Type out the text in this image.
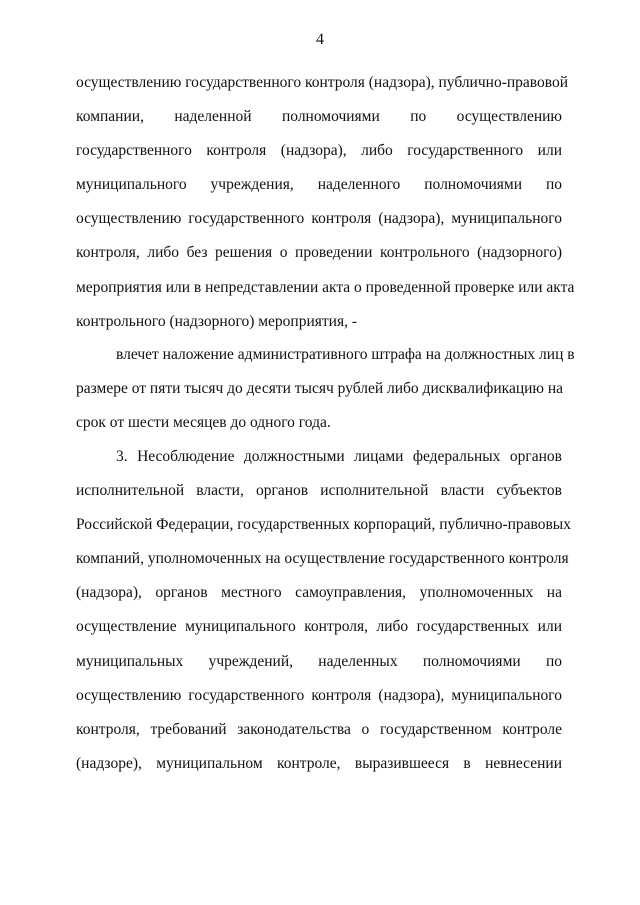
4
осуществлению государственного контроля (надзора), публично-правовой
компании, наделенной полномочиями по осуществлению
государственного контроля (надзора), либо государственного или
муниципального учреждения, наделенного полномочиями по
осуществлению государственного контроля (надзора), муниципального
контроля, либо без решения о проведении контрольного (надзорного)
мероприятия или в непредставлении акта о проведенной проверке или акта
контрольного (надзорного) мероприятия, -
влечет наложение административного штрафа на должностных лиц в
размере от пяти тысяч до десяти тысяч рублей либо дисквалификацию на
срок от шести месяцев до одного года.
3. Несоблюдение должностными лицами федеральных органов
исполнительной власти, органов исполнительной власти субъектов
Российской Федерации, государственных корпораций, публично-правовых
компаний, уполномоченных на осуществление государственного контроля
(надзора), органов местного самоуправления, уполномоченных на
осуществление муниципального контроля, либо государственных или
муниципальных учреждений, наделенных полномочиями по
осуществлению государственного контроля (надзора), муниципального
контроля, требований законодательства о государственном контроле
(надзоре), муниципальном контроле, выразившееся в невнесении
